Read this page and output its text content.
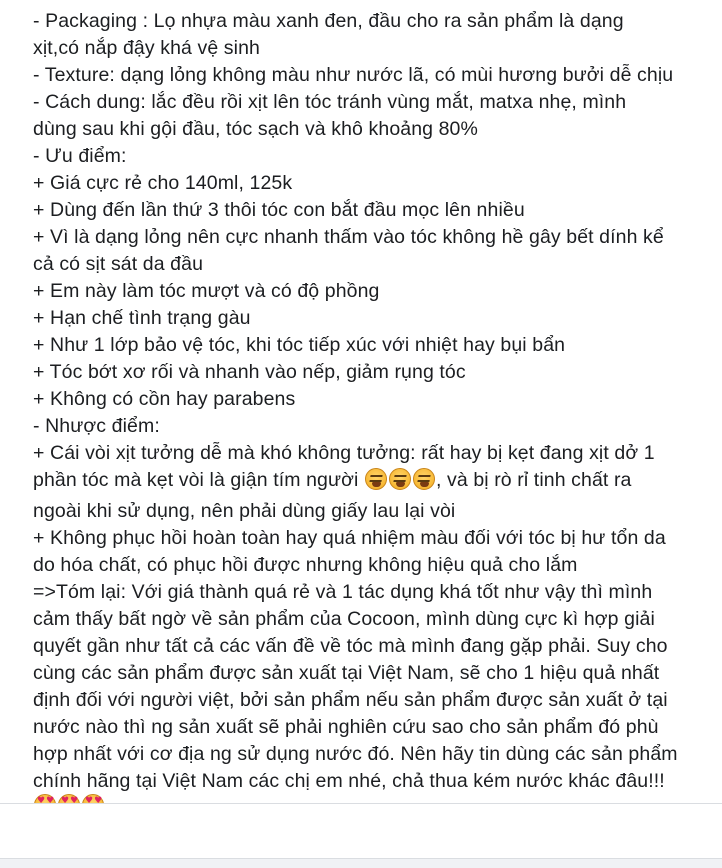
- Packaging : Lọ nhựa màu xanh đen, đầu cho ra sản phẩm là dạng
xịt,có nắp đậy khá vệ sinh
- Texture: dạng lỏng không màu như nước lã, có mùi hương bưởi dễ chịu
- Cách dung: lắc đều rồi xịt lên tóc tránh vùng mắt, matxa nhẹ, mình
dùng sau khi gội đầu, tóc sạch và khô khoảng 80%
- Ưu điểm:
+ Giá cực rẻ cho 140ml, 125k
+ Dùng đến lần thứ 3 thôi tóc con bắt đầu mọc lên nhiều
+ Vì là dạng lỏng nên cực nhanh thấm vào tóc không hề gây bết dính kể
cả có sịt sát da đầu
+ Em này làm tóc mượt và có độ phồng
+ Hạn chế tình trạng gàu
+ Như 1 lớp bảo vệ tóc, khi tóc tiếp xúc với nhiệt hay bụi bẩn
+ Tóc bớt xơ rối và nhanh vào nếp, giảm rụng tóc
+ Không có cồn hay parabens
- Nhược điểm:
+ Cái vòi xịt tưởng dễ mà khó không tưởng: rất hay bị kẹt đang xịt dở 1
phần tóc mà kẹt vòi là giận tím người	, và bị rò rỉ tinh chất ra
ngoài khi sử dụng, nên phải dùng giấy lau lại vòi
+ Không phục hồi hoàn toàn hay quá nhiệm màu đối với tóc bị hư tổn da
do hóa chất, có phục hồi được nhưng không hiệu quả cho lắm
=>Tóm lại: Với giá thành quá rẻ và 1 tác dụng khá tốt như vậy thì mình
cảm thấy bất ngờ về sản phẩm của Cocoon, mình dùng cực kì hợp giải
quyết gần như tất cả các vấn đề về tóc mà mình đang gặp phải. Suy cho
cùng các sản phẩm được sản xuất tại Việt Nam, sẽ cho 1 hiệu quả nhất
định đối với người việt, bởi sản phẩm nếu sản phẩm được sản xuất ở tại
nước nào thì ng sản xuất sẽ phải nghiên cứu sao cho sản phẩm đó phù
hợp nhất với cơ địa ng sử dụng nước đó. Nên hãy tin dùng các sản phẩm
chính hãng tại Việt Nam các chị em nhé, chả thua kém nước khác đâu!!!
♥♥♥♥♥♥
